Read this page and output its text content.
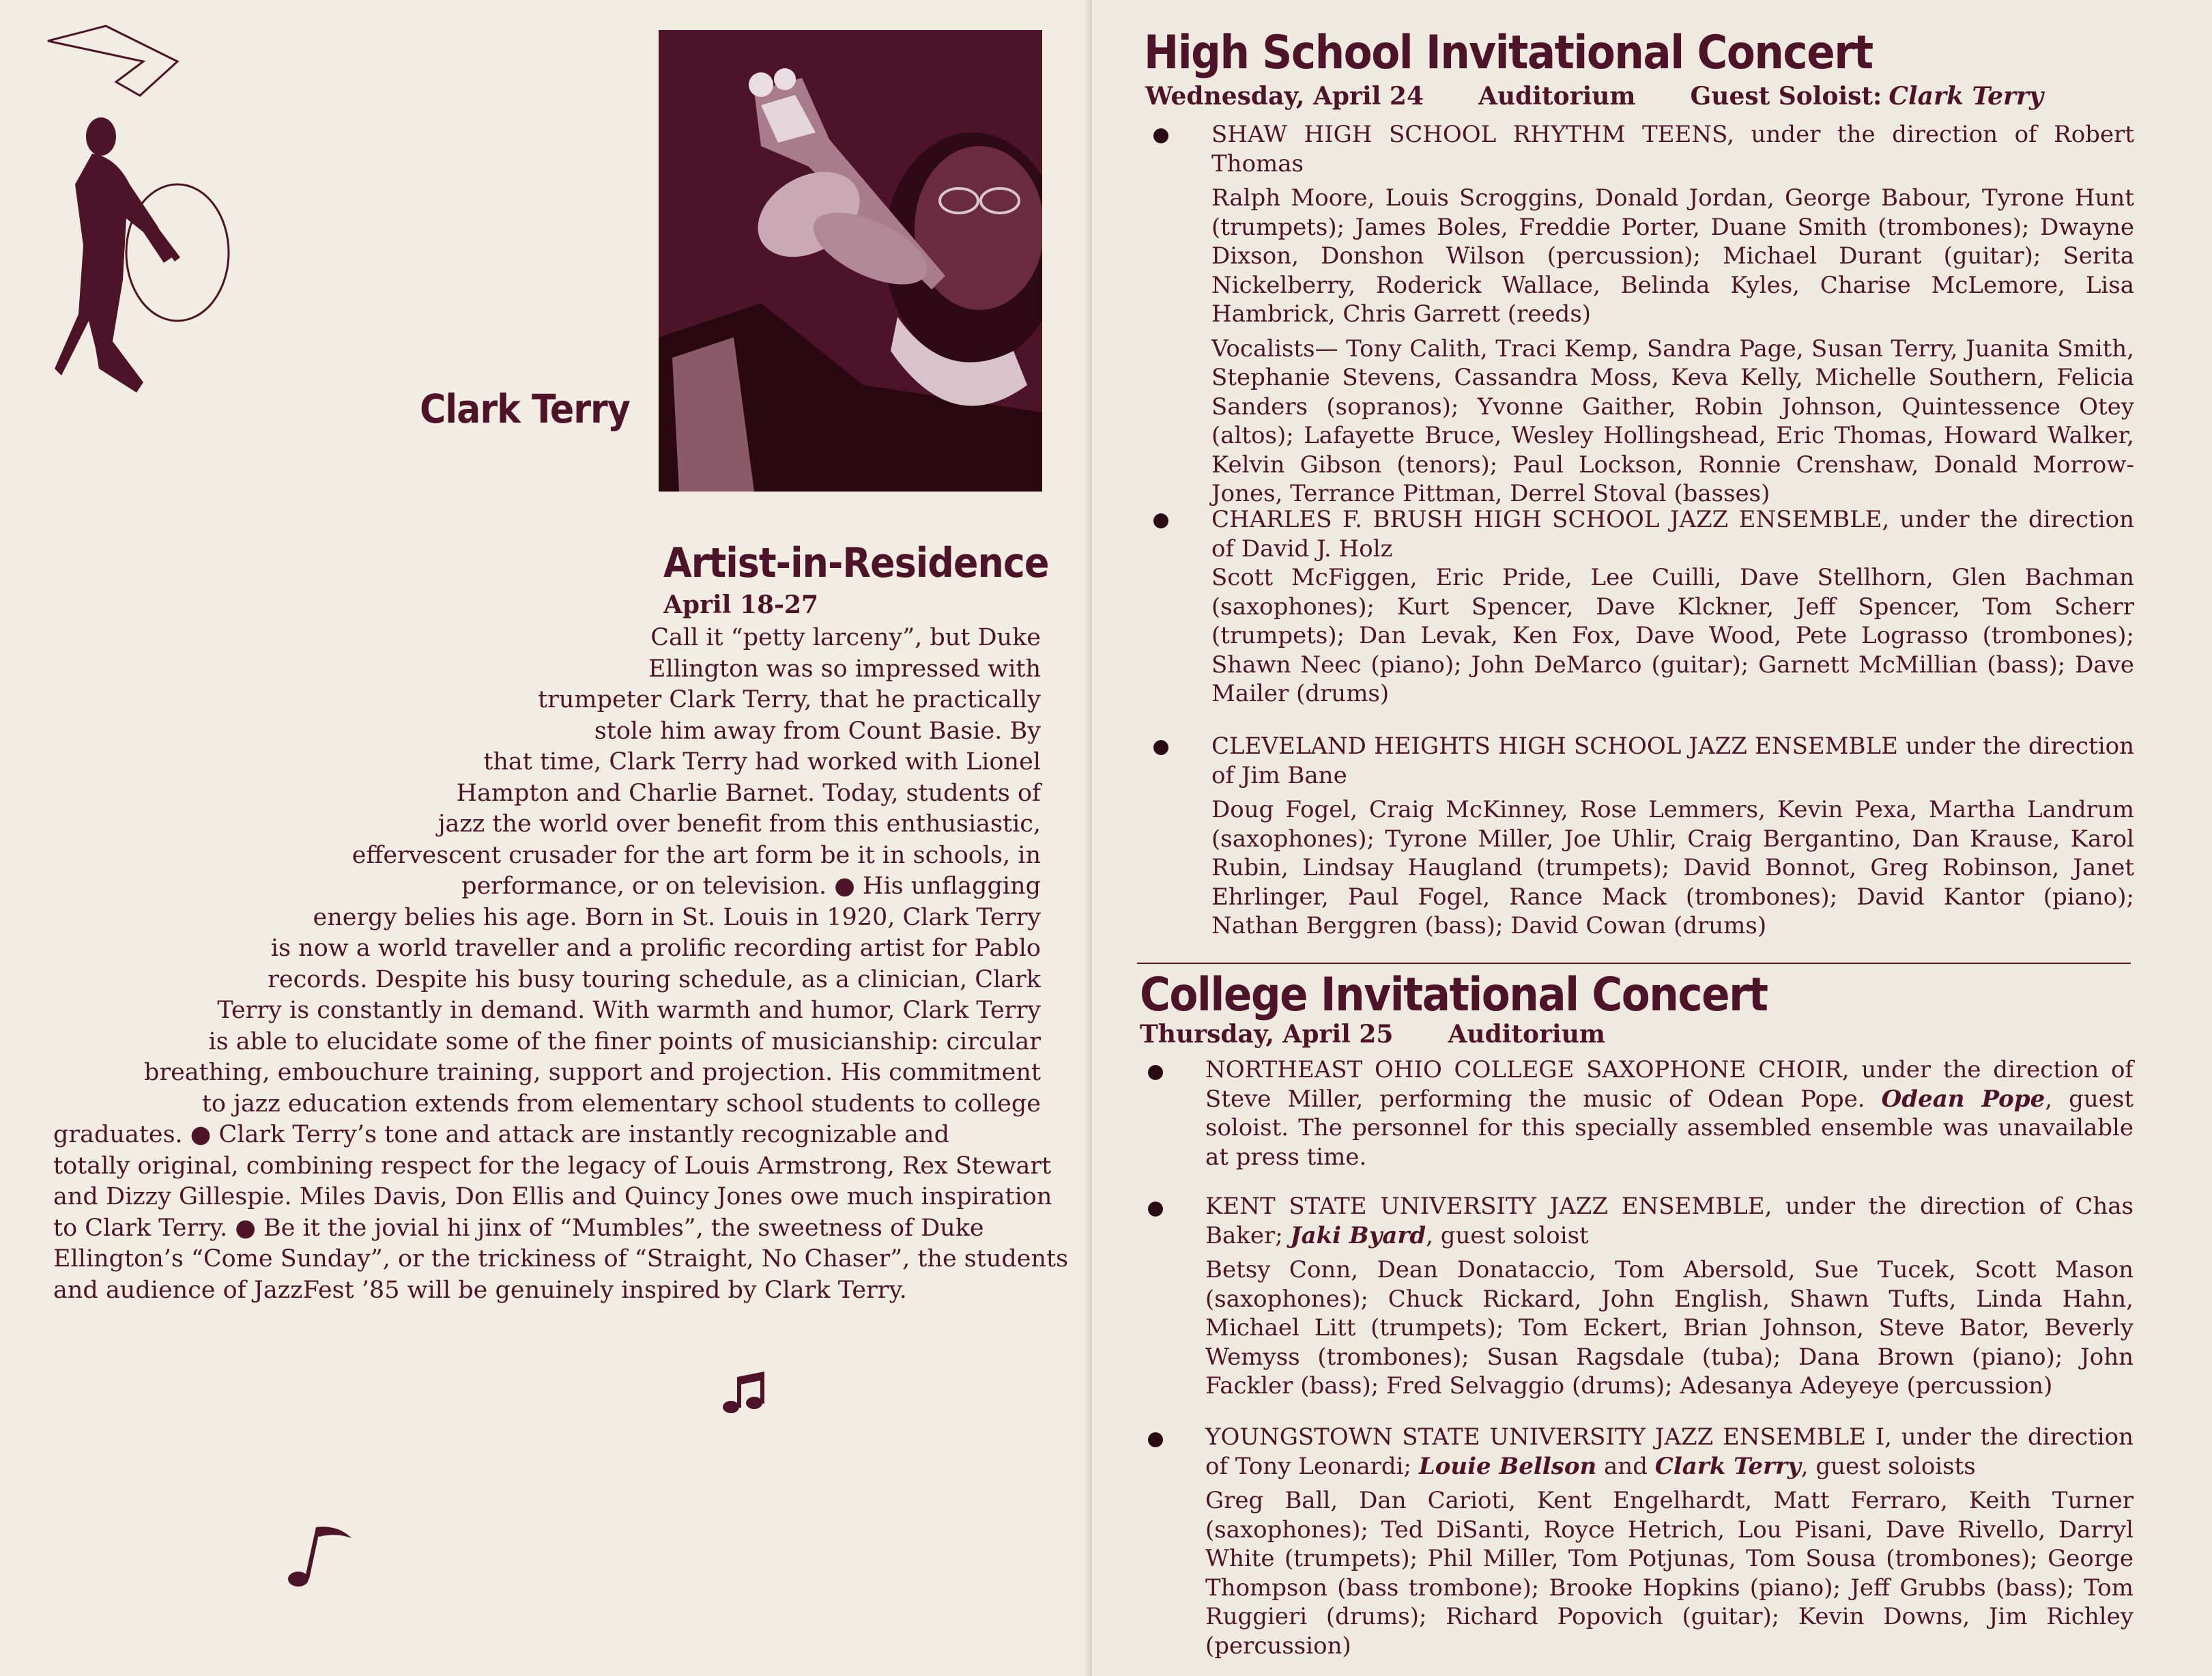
Clark Terry
Artist-in-Residence
April 18-27
Call it “petty larceny”, but Duke
Ellington was so impressed with
trumpeter Clark Terry, that he practically
stole him away from Count Basie. By
that time, Clark Terry had worked with Lionel
Hampton and Charlie Barnet. Today, students of
jazz the world over benefit from this enthusiastic,
effervescent crusader for the art form be it in schools, in
performance, or on television. ● His unflagging
energy belies his age. Born in St. Louis in 1920, Clark Terry
is now a world traveller and a prolific recording artist for Pablo
records. Despite his busy touring schedule, as a clinician, Clark
Terry is constantly in demand. With warmth and humor, Clark Terry
is able to elucidate some of the finer points of musicianship: circular
breathing, embouchure training, support and projection. His commitment
to jazz education extends from elementary school students to college
graduates. ● Clark Terry’s tone and attack are instantly recognizable and
totally original, combining respect for the legacy of Louis Armstrong, Rex Stewart
and Dizzy Gillespie. Miles Davis, Don Ellis and Quincy Jones owe much inspiration
to Clark Terry. ● Be it the jovial hi jinx of “Mumbles”, the sweetness of Duke
Ellington’s “Come Sunday”, or the trickiness of “Straight, No Chaser”, the students
and audience of JazzFest ’85 will be genuinely inspired by Clark Terry.
High School Invitational Concert
Wednesday, April 24 Auditorium Guest Soloist: Clark Terry

SHAW HIGH SCHOOL RHYTHM TEENS, under the direction of Robert Thomas

Ralph Moore, Louis Scroggins, Donald Jordan, George Babour, Tyrone Hunt (trumpets); James Boles, Freddie Porter, Duane Smith (trombones); Dwayne Dixson, Donshon Wilson (percussion); Michael Durant (guitar); Serita Nickelberry, Roderick Wallace, Belinda Kyles, Charise McLemore, Lisa Hambrick, Chris Garrett (reeds)

Vocalists— Tony Calith, Traci Kemp, Sandra Page, Susan Terry, Juanita Smith, Stephanie Stevens, Cassandra Moss, Keva Kelly, Michelle Southern, Felicia Sanders (sopranos); Yvonne Gaither, Robin Johnson, Quintessence Otey (altos); Lafayette Bruce, Wesley Hollingshead, Eric Thomas, Howard Walker, Kelvin Gibson (tenors); Paul Lockson, Ronnie Crenshaw, Donald Morrow-Jones, Terrance Pittman, Derrel Stoval (basses)

CHARLES F. BRUSH HIGH SCHOOL JAZZ ENSEMBLE, under the direction of David J. Holz

Scott McFiggen, Eric Pride, Lee Cuilli, Dave Stellhorn, Glen Bachman (saxophones); Kurt Spencer, Dave Klckner, Jeff Spencer, Tom Scherr (trumpets); Dan Levak, Ken Fox, Dave Wood, Pete Lograsso (trombones); Shawn Neec (piano); John DeMarco (guitar); Garnett McMillian (bass); Dave Mailer (drums)

CLEVELAND HEIGHTS HIGH SCHOOL JAZZ ENSEMBLE under the direction of Jim Bane

Doug Fogel, Craig McKinney, Rose Lemmers, Kevin Pexa, Martha Landrum (saxophones); Tyrone Miller, Joe Uhlir, Craig Bergantino, Dan Krause, Karol Rubin, Lindsay Haugland (trumpets); David Bonnot, Greg Robinson, Janet Ehrlinger, Paul Fogel, Rance Mack (trombones); David Kantor (piano); Nathan Berggren (bass); David Cowan (drums)

College Invitational Concert
Thursday, April 25 Auditorium

NORTHEAST OHIO COLLEGE SAXOPHONE CHOIR, under the direction of Steve Miller, performing the music of Odean Pope. Odean Pope, guest soloist. The personnel for this specially assembled ensemble was unavailable at press time.

KENT STATE UNIVERSITY JAZZ ENSEMBLE, under the direction of Chas Baker; Jaki Byard, guest soloist

Betsy Conn, Dean Donataccio, Tom Abersold, Sue Tucek, Scott Mason (saxophones); Chuck Rickard, John English, Shawn Tufts, Linda Hahn, Michael Litt (trumpets); Tom Eckert, Brian Johnson, Steve Bator, Beverly Wemyss (trombones); Susan Ragsdale (tuba); Dana Brown (piano); John Fackler (bass); Fred Selvaggio (drums); Adesanya Adeyeye (percussion)

YOUNGSTOWN STATE UNIVERSITY JAZZ ENSEMBLE I, under the direction of Tony Leonardi; Louie Bellson and Clark Terry, guest soloists

Greg Ball, Dan Carioti, Kent Engelhardt, Matt Ferraro, Keith Turner (saxophones); Ted DiSanti, Royce Hetrich, Lou Pisani, Dave Rivello, Darryl White (trumpets); Phil Miller, Tom Potjunas, Tom Sousa (trombones); George Thompson (bass trombone); Brooke Hopkins (piano); Jeff Grubbs (bass); Tom Ruggieri (drums); Richard Popovich (guitar); Kevin Downs, Jim Richley (percussion)
